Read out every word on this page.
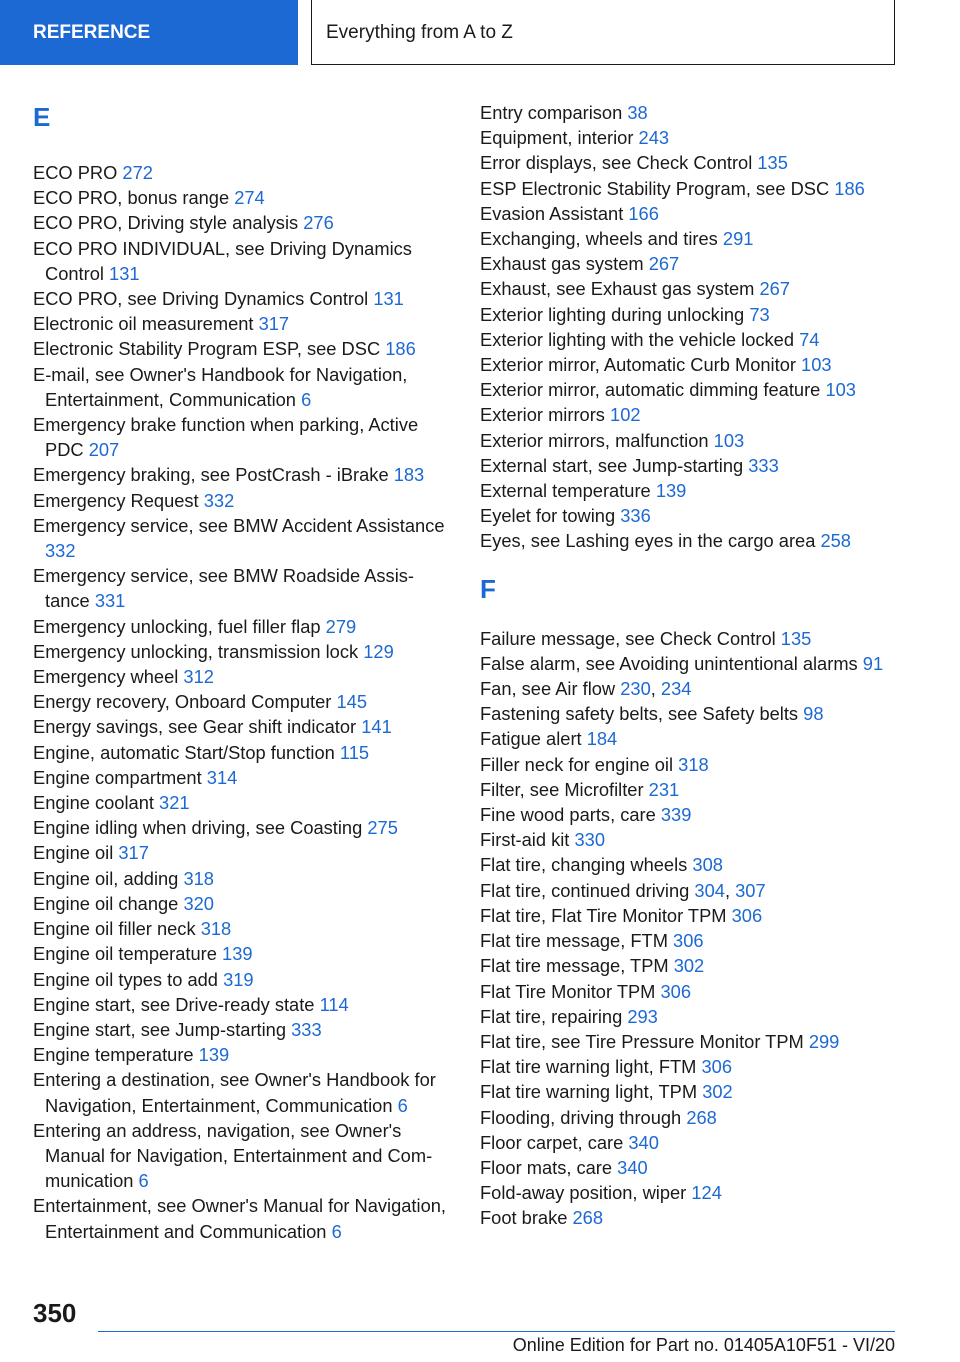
REFERENCE	Everything from A to Z
E
ECO PRO 272
ECO PRO, bonus range 274
ECO PRO, Driving style analysis 276
ECO PRO INDIVIDUAL, see Driving Dynamics Control 131
ECO PRO, see Driving Dynamics Control 131
Electronic oil measurement 317
Electronic Stability Program ESP, see DSC 186
E-mail, see Owner's Handbook for Navigation, Entertainment, Communication 6
Emergency brake function when parking, Active PDC 207
Emergency braking, see PostCrash - iBrake 183
Emergency Request 332
Emergency service, see BMW Accident Assistance 332
Emergency service, see BMW Roadside Assistance 331
Emergency unlocking, fuel filler flap 279
Emergency unlocking, transmission lock 129
Emergency wheel 312
Energy recovery, Onboard Computer 145
Energy savings, see Gear shift indicator 141
Engine, automatic Start/Stop function 115
Engine compartment 314
Engine coolant 321
Engine idling when driving, see Coasting 275
Engine oil 317
Engine oil, adding 318
Engine oil change 320
Engine oil filler neck 318
Engine oil temperature 139
Engine oil types to add 319
Engine start, see Drive-ready state 114
Engine start, see Jump-starting 333
Engine temperature 139
Entering a destination, see Owner's Handbook for Navigation, Entertainment, Communication 6
Entering an address, navigation, see Owner's Manual for Navigation, Entertainment and Communication 6
Entertainment, see Owner's Manual for Navigation, Entertainment and Communication 6
Entry comparison 38
Equipment, interior 243
Error displays, see Check Control 135
ESP Electronic Stability Program, see DSC 186
Evasion Assistant 166
Exchanging, wheels and tires 291
Exhaust gas system 267
Exhaust, see Exhaust gas system 267
Exterior lighting during unlocking 73
Exterior lighting with the vehicle locked 74
Exterior mirror, Automatic Curb Monitor 103
Exterior mirror, automatic dimming feature 103
Exterior mirrors 102
Exterior mirrors, malfunction 103
External start, see Jump-starting 333
External temperature 139
Eyelet for towing 336
Eyes, see Lashing eyes in the cargo area 258
F
Failure message, see Check Control 135
False alarm, see Avoiding unintentional alarms 91
Fan, see Air flow 230, 234
Fastening safety belts, see Safety belts 98
Fatigue alert 184
Filler neck for engine oil 318
Filter, see Microfilter 231
Fine wood parts, care 339
First-aid kit 330
Flat tire, changing wheels 308
Flat tire, continued driving 304, 307
Flat tire, Flat Tire Monitor TPM 306
Flat tire message, FTM 306
Flat tire message, TPM 302
Flat Tire Monitor TPM 306
Flat tire, repairing 293
Flat tire, see Tire Pressure Monitor TPM 299
Flat tire warning light, FTM 306
Flat tire warning light, TPM 302
Flooding, driving through 268
Floor carpet, care 340
Floor mats, care 340
Fold-away position, wiper 124
Foot brake 268
350
Online Edition for Part no. 01405A10F51 - VI/20
